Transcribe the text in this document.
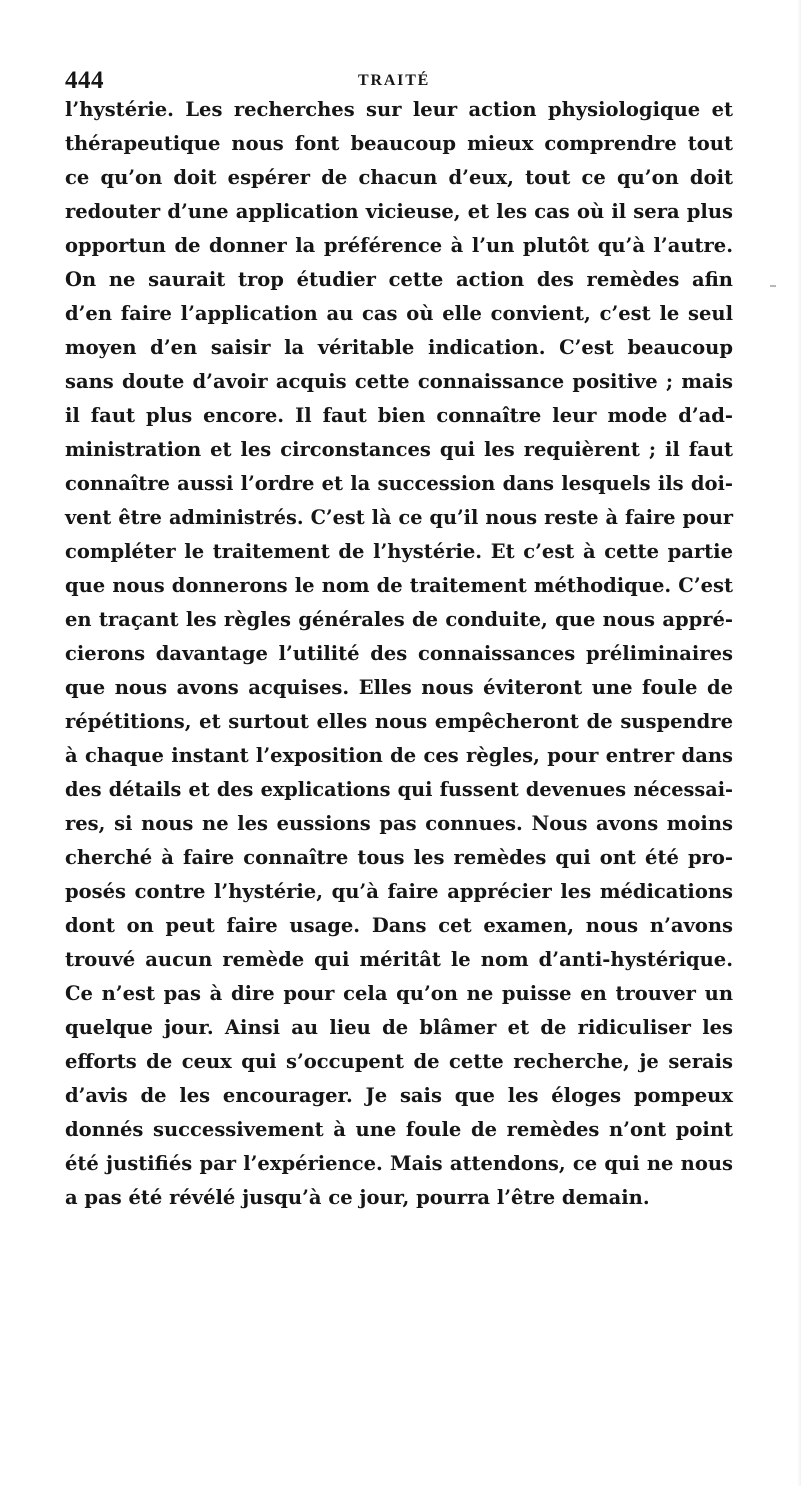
444	TRAITÉ
l’hystérie. Les recherches sur leur action physiologique et
thérapeutique nous font beaucoup mieux comprendre tout
ce qu’on doit espérer de chacun d’eux, tout ce qu’on doit
redouter d’une application vicieuse, et les cas où il sera plus
opportun de donner la préférence à l’un plutôt qu’à l’autre.
On ne saurait trop étudier cette action des remèdes afin
d’en faire l’application au cas où elle convient, c’est le seul
moyen d’en saisir la véritable indication. C’est beaucoup
sans doute d’avoir acquis cette connaissance positive ; mais
il faut plus encore. Il faut bien connaître leur mode d’ad-
ministration et les circonstances qui les requièrent ; il faut
connaître aussi l’ordre et la succession dans lesquels ils doi-
vent être administrés. C’est là ce qu’il nous reste à faire pour
compléter le traitement de l’hystérie. Et c’est à cette partie
que nous donnerons le nom de traitement méthodique. C’est
en traçant les règles générales de conduite, que nous appré-
cierons davantage l’utilité des connaissances préliminaires
que nous avons acquises. Elles nous éviteront une foule de
répétitions, et surtout elles nous empêcheront de suspendre
à chaque instant l’exposition de ces règles, pour entrer dans
des détails et des explications qui fussent devenues nécessai-
res, si nous ne les eussions pas connues. Nous avons moins
cherché à faire connaître tous les remèdes qui ont été pro-
posés contre l’hystérie, qu’à faire apprécier les médications
dont on peut faire usage. Dans cet examen, nous n’avons
trouvé aucun remède qui méritât le nom d’anti-hystérique.
Ce n’est pas à dire pour cela qu’on ne puisse en trouver un
quelque jour. Ainsi au lieu de blâmer et de ridiculiser les
efforts de ceux qui s’occupent de cette recherche, je serais
d’avis de les encourager. Je sais que les éloges pompeux
donnés successivement à une foule de remèdes n’ont point
été justifiés par l’expérience. Mais attendons, ce qui ne nous
a pas été révélé jusqu’à ce jour, pourra l’être demain.
